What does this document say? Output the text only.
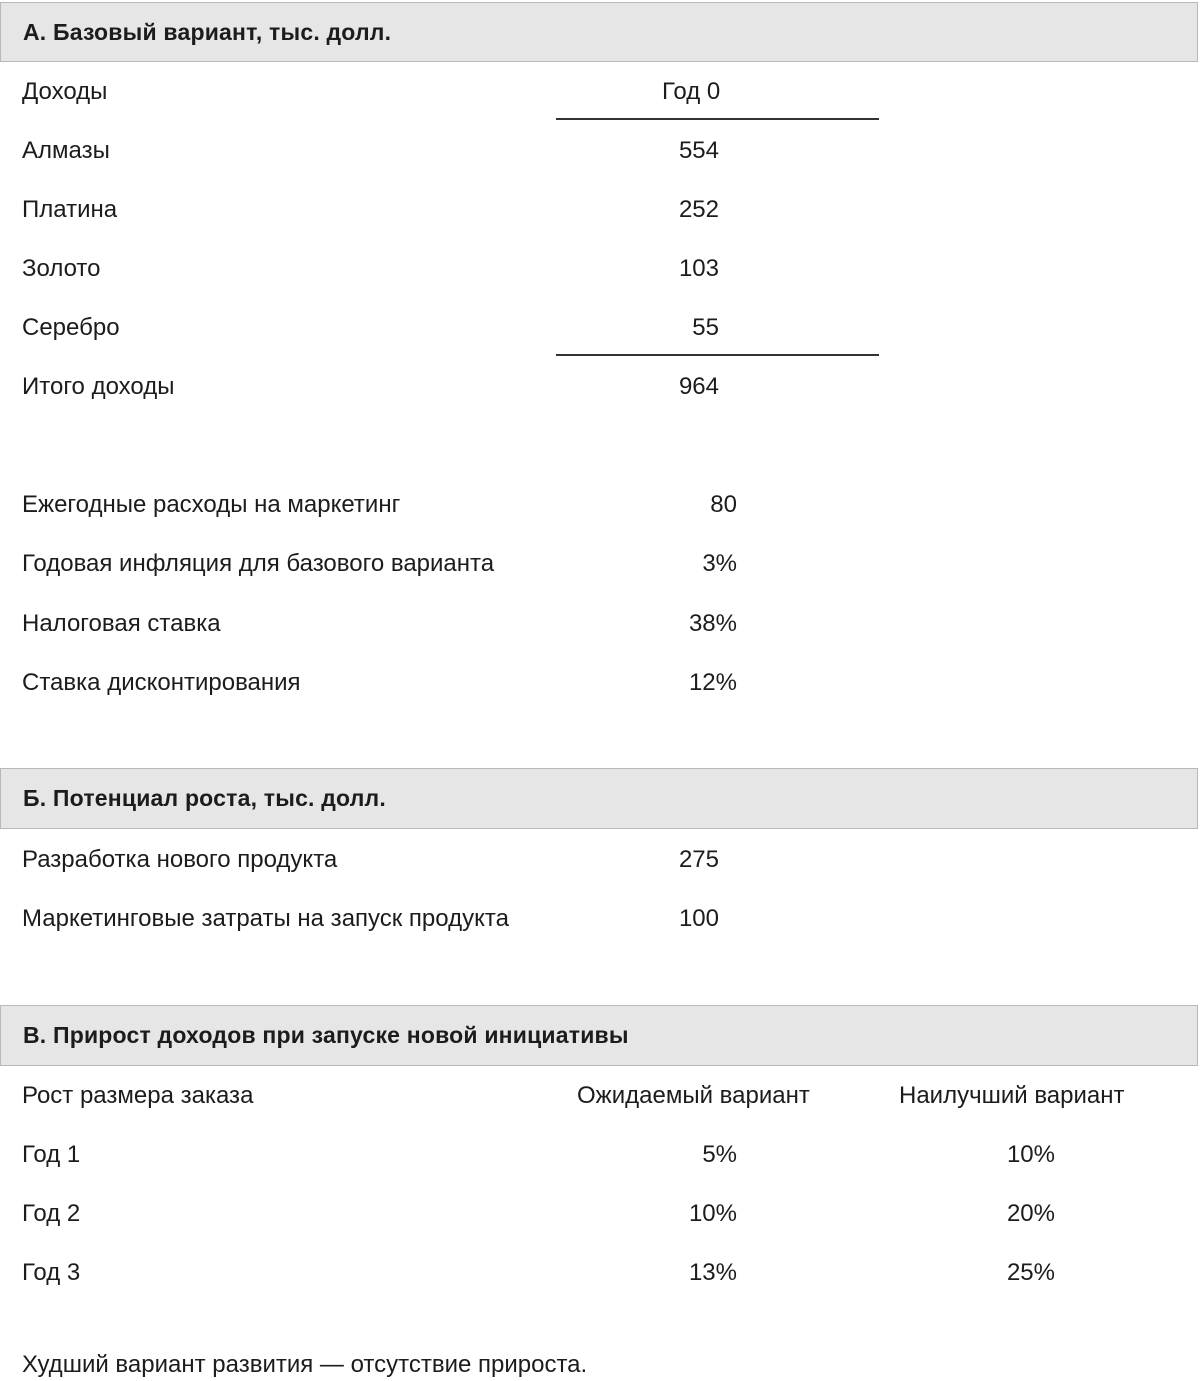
А. Базовый вариант, тыс. долл.
Доходы	Год 0
Алмазы	554
Платина	252
Золото	103
Серебро	55
Итого доходы	964
Ежегодные расходы на маркетинг	80
Годовая инфляция для базового варианта	3%
Налоговая ставка	38%
Ставка дисконтирования	12%
Б. Потенциал роста, тыс. долл.
Разработка нового продукта	275
Маркетинговые затраты на запуск продукта	100
В. Прирост доходов при запуске новой инициативы
Рост размера заказа	Ожидаемый вариант	Наилучший вариант
Год 1	5%	10%
Год 2	10%	20%
Год 3	13%	25%
Худший вариант развития — отсутствие прироста.
